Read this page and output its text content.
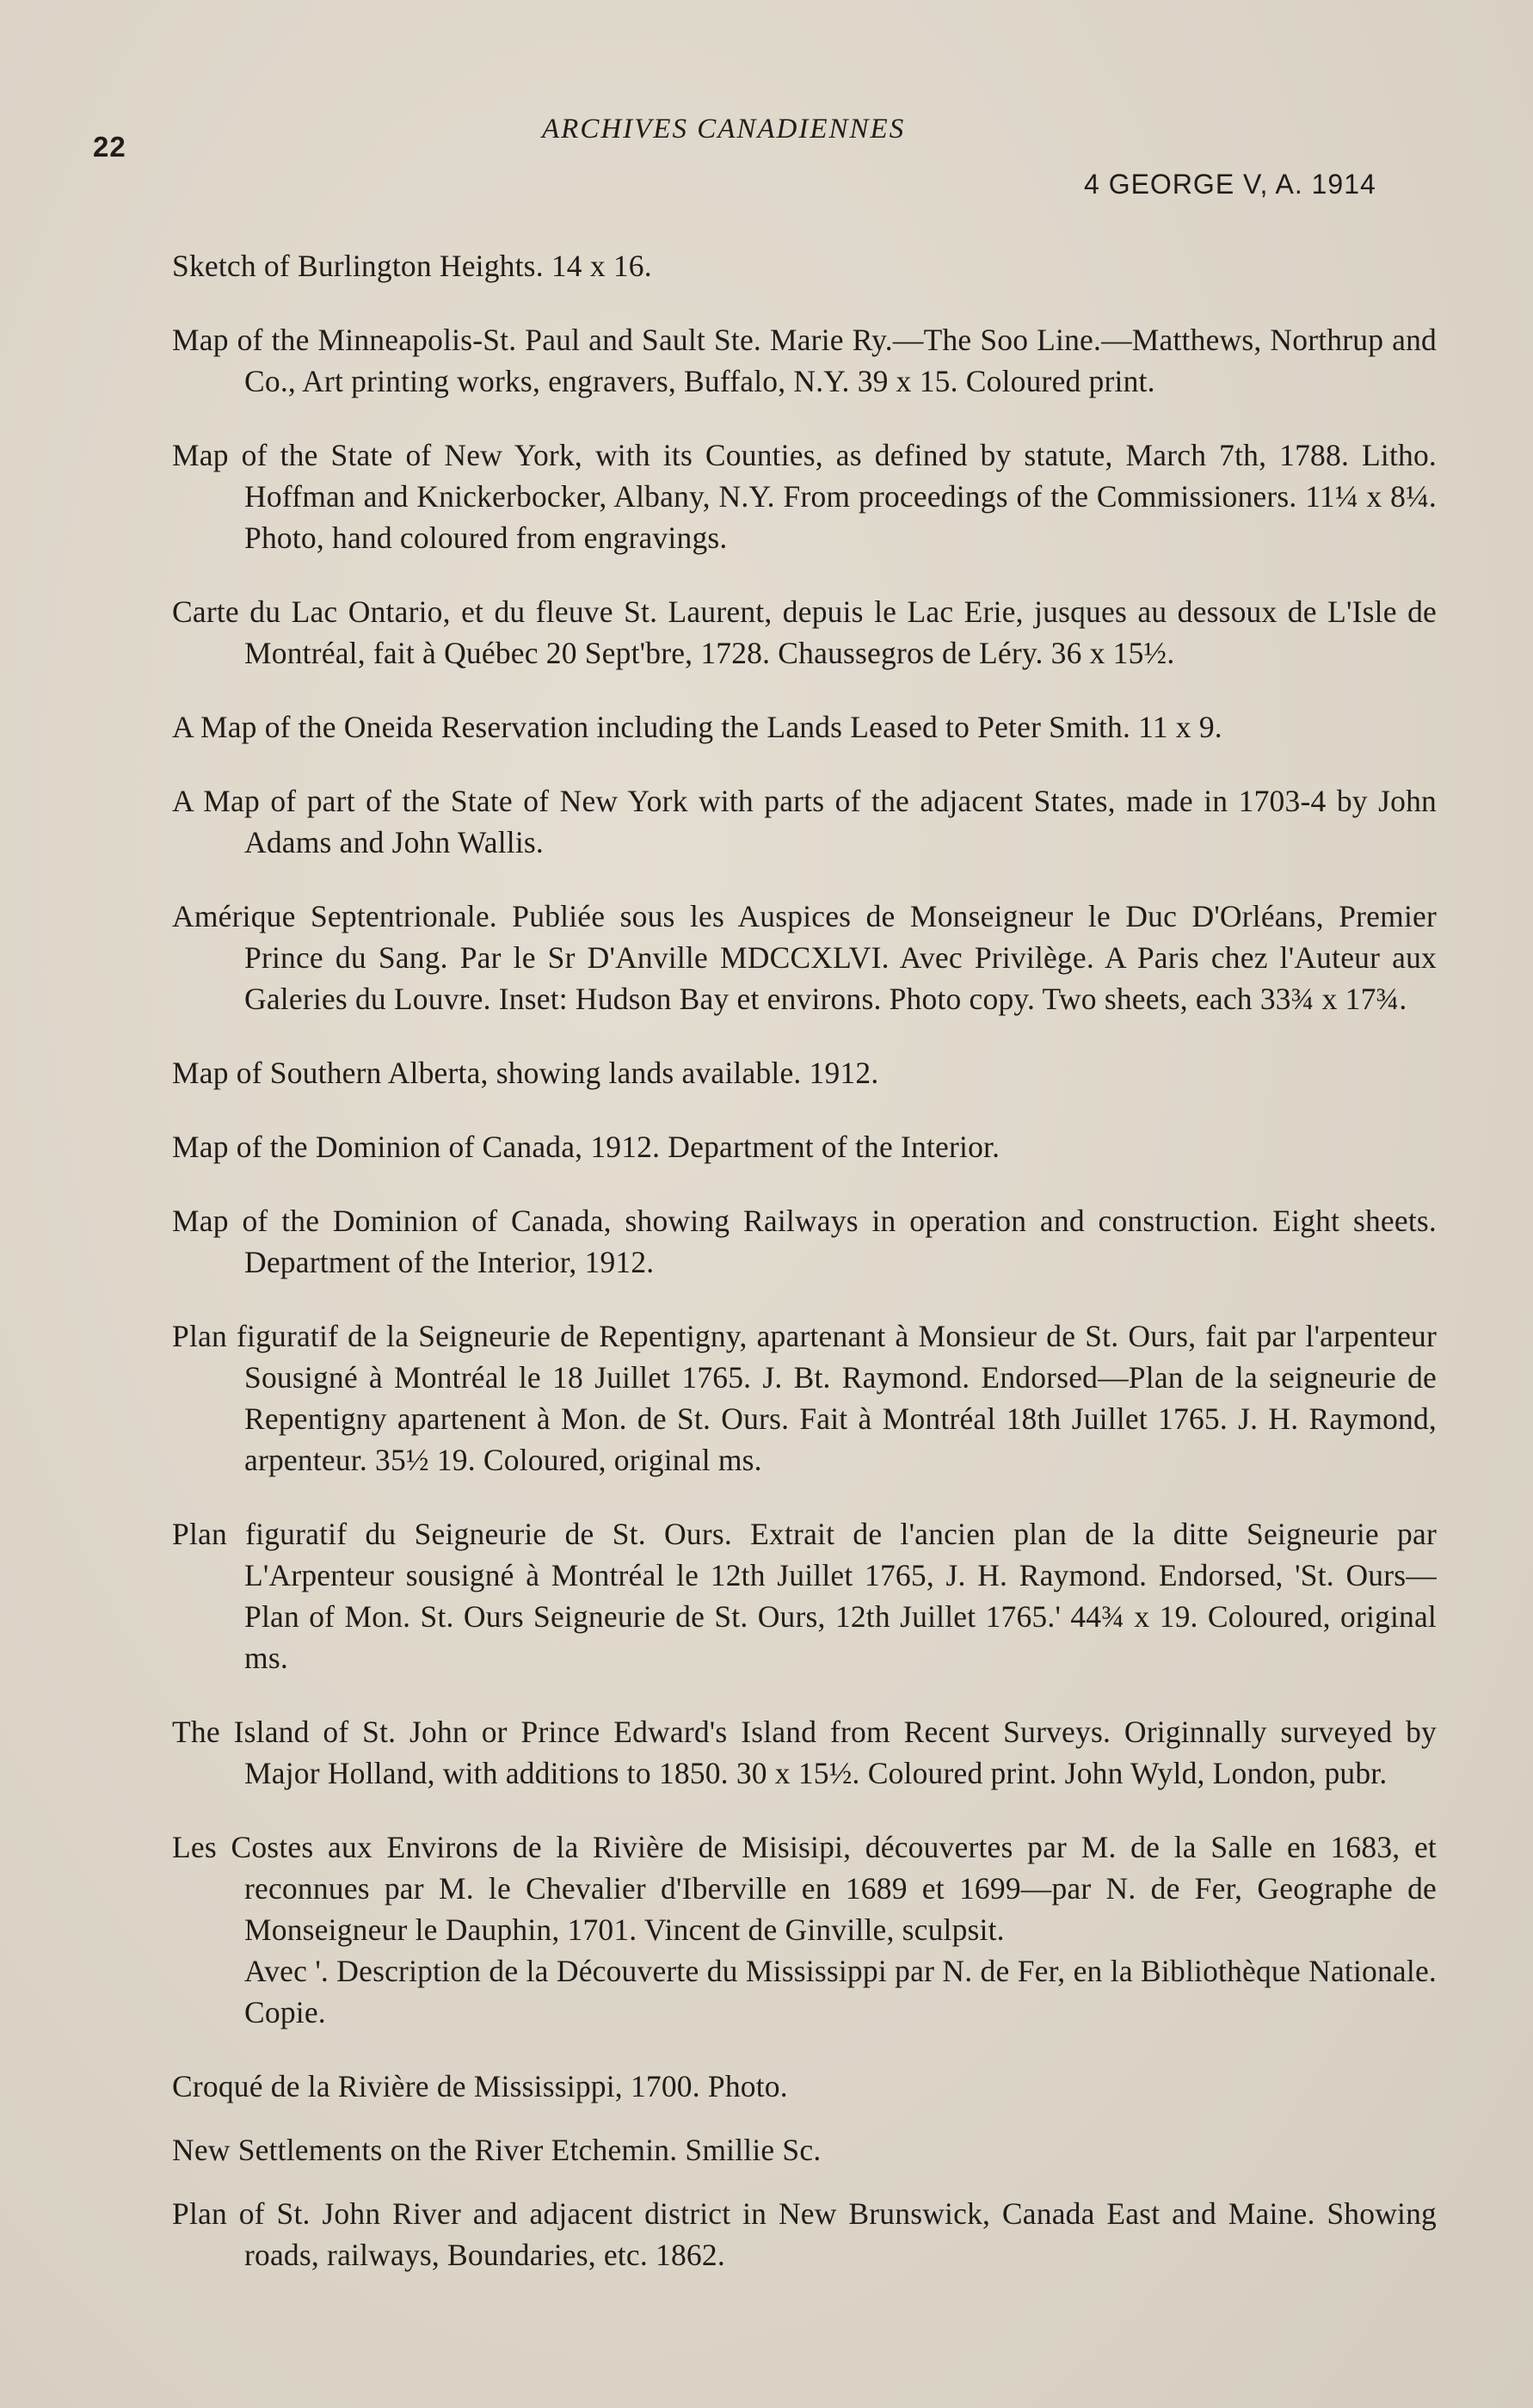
22
ARCHIVES CANADIENNES
4 GEORGE V, A. 1914
Sketch of Burlington Heights. 14 x 16.
Map of the Minneapolis-St. Paul and Sault Ste. Marie Ry.—The Soo Line.—Matthews, Northrup and Co., Art printing works, engravers, Buffalo, N.Y. 39 x 15. Coloured print.
Map of the State of New York, with its Counties, as defined by statute, March 7th, 1788. Litho. Hoffman and Knickerbocker, Albany, N.Y. From proceedings of the Commissioners. 11¼ x 8¼. Photo, hand coloured from engravings.
Carte du Lac Ontario, et du fleuve St. Laurent, depuis le Lac Erie, jusques au dessoux de L'Isle de Montréal, fait à Québec 20 Sept'bre, 1728. Chaussegros de Léry. 36 x 15½.
A Map of the Oneida Reservation including the Lands Leased to Peter Smith. 11 x 9.
A Map of part of the State of New York with parts of the adjacent States, made in 1703-4 by John Adams and John Wallis.
Amérique Septentrionale. Publiée sous les Auspices de Monseigneur le Duc D'Orléans, Premier Prince du Sang. Par le Sr D'Anville MDCCXLVI. Avec Privilège. A Paris chez l'Auteur aux Galeries du Louvre. Inset: Hudson Bay et environs. Photo copy. Two sheets, each 33¾ x 17¾.
Map of Southern Alberta, showing lands available. 1912.
Map of the Dominion of Canada, 1912. Department of the Interior.
Map of the Dominion of Canada, showing Railways in operation and construction. Eight sheets. Department of the Interior, 1912.
Plan figuratif de la Seigneurie de Repentigny, apartenant à Monsieur de St. Ours, fait par l'arpenteur Sousigné à Montréal le 18 Juillet 1765. J. Bt. Raymond. Endorsed—Plan de la seigneurie de Repentigny apartenent à Mon. de St. Ours. Fait à Montréal 18th Juillet 1765. J. H. Raymond, arpenteur. 35½ 19. Coloured, original ms.
Plan figuratif du Seigneurie de St. Ours. Extrait de l'ancien plan de la ditte Seigneurie par L'Arpenteur sousigné à Montréal le 12th Juillet 1765, J. H. Raymond. Endorsed, 'St. Ours—Plan of Mon. St. Ours Seigneurie de St. Ours, 12th Juillet 1765.' 44¾ x 19. Coloured, original ms.
The Island of St. John or Prince Edward's Island from Recent Surveys. Originnally surveyed by Major Holland, with additions to 1850. 30 x 15½. Coloured print. John Wyld, London, pubr.
Les Costes aux Environs de la Rivière de Misisipi, découvertes par M. de la Salle en 1683, et reconnues par M. le Chevalier d'Iberville en 1689 et 1699—par N. de Fer, Geographe de Monseigneur le Dauphin, 1701. Vincent de Ginville, sculpsit.
Avec '. Description de la Découverte du Mississippi par N. de Fer, en la Bibliothèque Nationale. Copie.
Croqué de la Rivière de Mississippi, 1700. Photo.
New Settlements on the River Etchemin. Smillie Sc.
Plan of St. John River and adjacent district in New Brunswick, Canada East and Maine. Showing roads, railways, Boundaries, etc. 1862.
